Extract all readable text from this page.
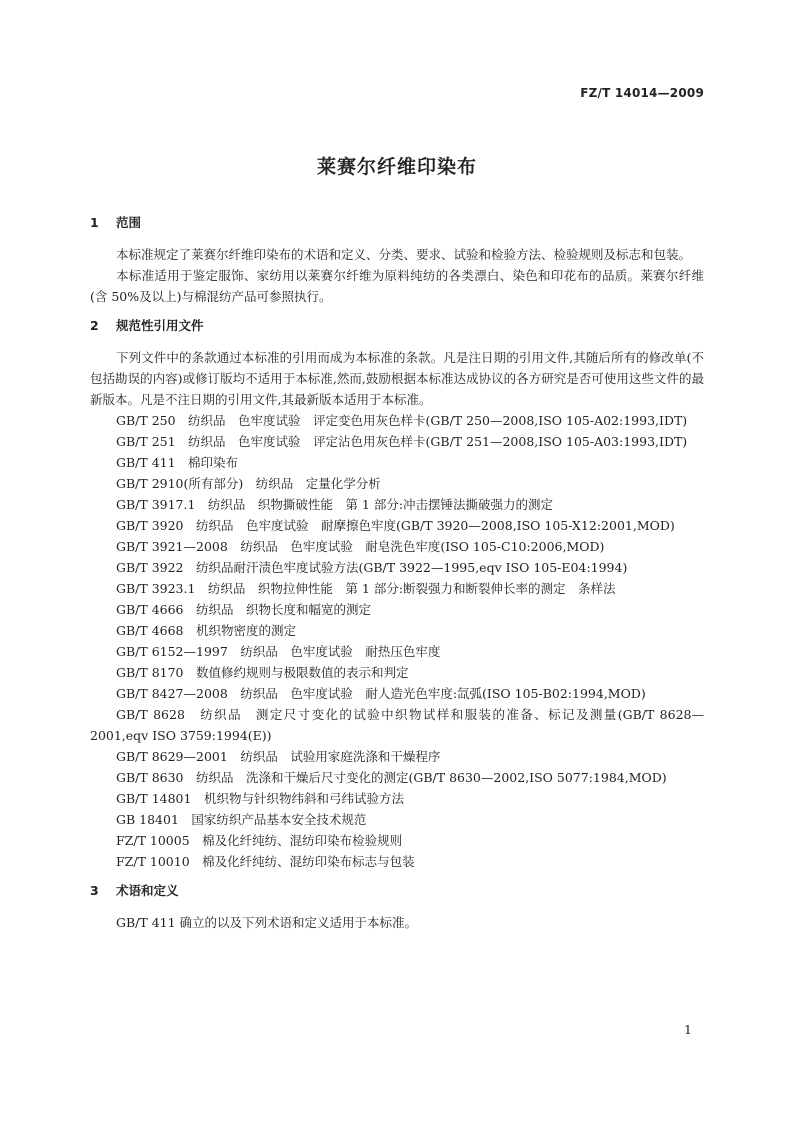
FZ/T 14014—2009
莱赛尔纤维印染布
1 范围

本标准规定了莱赛尔纤维印染布的术语和定义、分类、要求、试验和检验方法、检验规则及标志和包装。

本标准适用于鉴定服饰、家纺用以莱赛尔纤维为原料纯纺的各类漂白、染色和印花布的品质。莱赛尔纤维(含 50%及以上)与棉混纺产品可参照执行。

2 规范性引用文件

下列文件中的条款通过本标准的引用而成为本标准的条款。凡是注日期的引用文件,其随后所有的修改单(不包括勘误的内容)或修订版均不适用于本标准,然而,鼓励根据本标准达成协议的各方研究是否可使用这些文件的最新版本。凡是不注日期的引用文件,其最新版本适用于本标准。

GB/T 250　纺织品　色牢度试验　评定变色用灰色样卡(GB/T 250—2008,ISO 105-A02:1993,IDT)
GB/T 251　纺织品　色牢度试验　评定沾色用灰色样卡(GB/T 251—2008,ISO 105-A03:1993,IDT)
GB/T 411　棉印染布
GB/T 2910(所有部分)　纺织品　定量化学分析
GB/T 3917.1　纺织品　织物撕破性能　第 1 部分:冲击摆锤法撕破强力的测定
GB/T 3920　纺织品　色牢度试验　耐摩擦色牢度(GB/T 3920—2008,ISO 105-X12:2001,MOD)
GB/T 3921—2008　纺织品　色牢度试验　耐皂洗色牢度(ISO 105-C10:2006,MOD)
GB/T 3922　纺织品耐汗渍色牢度试验方法(GB/T 3922—1995,eqv ISO 105-E04:1994)
GB/T 3923.1　纺织品　织物拉伸性能　第 1 部分:断裂强力和断裂伸长率的测定　条样法
GB/T 4666　纺织品　织物长度和幅宽的测定
GB/T 4668　机织物密度的测定
GB/T 6152—1997　纺织品　色牢度试验　耐热压色牢度
GB/T 8170　数值修约规则与极限数值的表示和判定
GB/T 8427—2008　纺织品　色牢度试验　耐人造光色牢度:氙弧(ISO 105-B02:1994,MOD)
GB/T 8628　纺织品　测定尺寸变化的试验中织物试样和服装的准备、标记及测量(GB/T 8628—2001,eqv ISO 3759:1994(E))
GB/T 8629—2001　纺织品　试验用家庭洗涤和干燥程序
GB/T 8630　纺织品　洗涤和干燥后尺寸变化的测定(GB/T 8630—2002,ISO 5077:1984,MOD)
GB/T 14801　机织物与针织物纬斜和弓纬试验方法
GB 18401　国家纺织产品基本安全技术规范
FZ/T 10005　棉及化纤纯纺、混纺印染布检验规则
FZ/T 10010　棉及化纤纯纺、混纺印染布标志与包装
3 术语和定义

GB/T 411 确立的以及下列术语和定义适用于本标准。

1
